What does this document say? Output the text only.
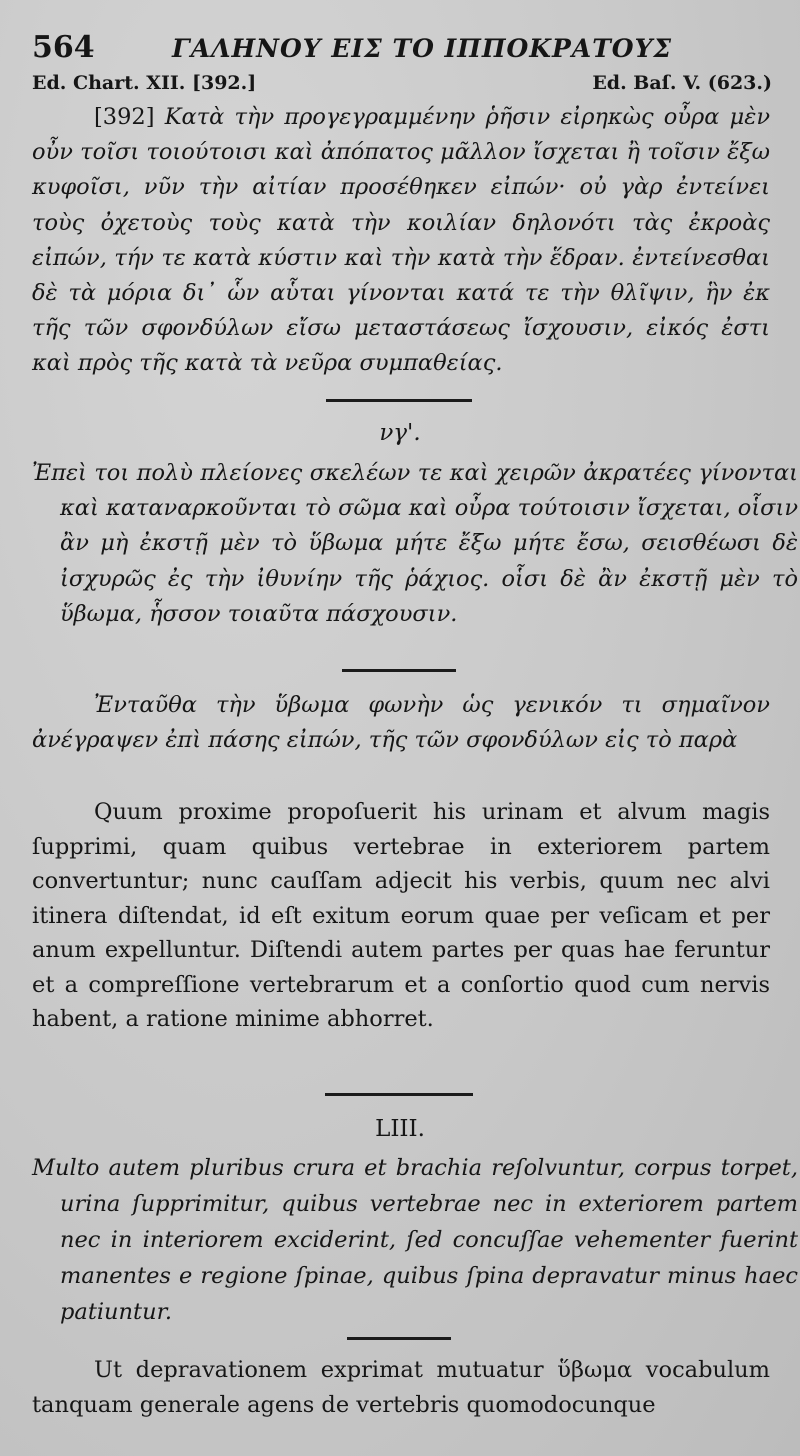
564	ΓΑΛΗΝΟΥ ΕΙΣ ΤΟ ΙΠΠΟΚΡΑΤΟΥΣ
Ed. Chart. XII. [392.]	Ed. Baſ. V. (623.)
[392] Κατὰ τὴν προγεγραμμένην ῥῆσιν εἰρηκὼς οὖρα μὲν οὖν τοῖσι τοιούτοισι καὶ ἀπόπατος μᾶλλον ἴσχεται ἢ τοῖσιν ἔξω κυφοῖσι, νῦν τὴν αἰτίαν προσέθηκεν εἰπών· οὐ γὰρ ἐντείνει τοὺς ὀχετοὺς τοὺς κατὰ τὴν κοιλίαν δηλονότι τὰς ἐκροὰς εἰπών, τήν τε κατὰ κύστιν καὶ τὴν κατὰ τὴν ἕδραν. ἐντείνεσθαι δὲ τὰ μόρια δι᾽ ὧν αὗται γίνονται κατά τε τὴν θλῖψιν, ἣν ἐκ τῆς τῶν σφονδύλων εἴσω μεταστάσεως ἴσχουσιν, εἰκός ἐστι καὶ πρὸς τῆς κατὰ τὰ νεῦρα συμπαθείας.
νγ'.
Ἐπεὶ τοι πολὺ πλείονες σκελέων τε καὶ χειρῶν ἀκρατέες γίνονται καὶ καταναρκοῦνται τὸ σῶμα καὶ οὖρα τούτοισιν ἴσχεται, οἷσιν ἂν μὴ ἐκστῇ μὲν τὸ ὕβωμα μήτε ἔξω μήτε ἔσω, σεισθέωσι δὲ ἰσχυρῶς ἐς τὴν ἰθυνίην τῆς ῥάχιος. οἷσι δὲ ἂν ἐκστῇ μὲν τὸ ὕβωμα, ἧσσον τοιαῦτα πάσχουσιν.
Ἐνταῦθα τὴν ὕβωμα φωνὴν ὡς γενικόν τι σημαῖνον ἀνέγραψεν ἐπὶ πάσης εἰπών, τῆς τῶν σφονδύλων εἰς τὸ παρὰ
Quum proxime propoſuerit his urinam et alvum magis ſupprimi, quam quibus vertebrae in exteriorem partem convertuntur; nunc cauſſam adjecit his verbis, quum nec alvi itinera diſtendat, id eſt exitum eorum quae per veſicam et per anum expelluntur. Diſtendi autem partes per quas hae feruntur et a compreſſione vertebrarum et a conſortio quod cum nervis habent, a ratione minime abhorret.
LIII.
Multo autem pluribus crura et brachia reſolvuntur, corpus torpet, urina ſupprimitur, quibus vertebrae nec in exteriorem partem nec in interiorem exciderint, ſed concuſſae vehementer fuerint manentes e regione ſpinae, quibus ſpina depravatur minus haec patiuntur.
Ut depravationem exprimat mutuatur ὕβωμα vocabulum tanquam generale agens de vertebris quomodocunque
